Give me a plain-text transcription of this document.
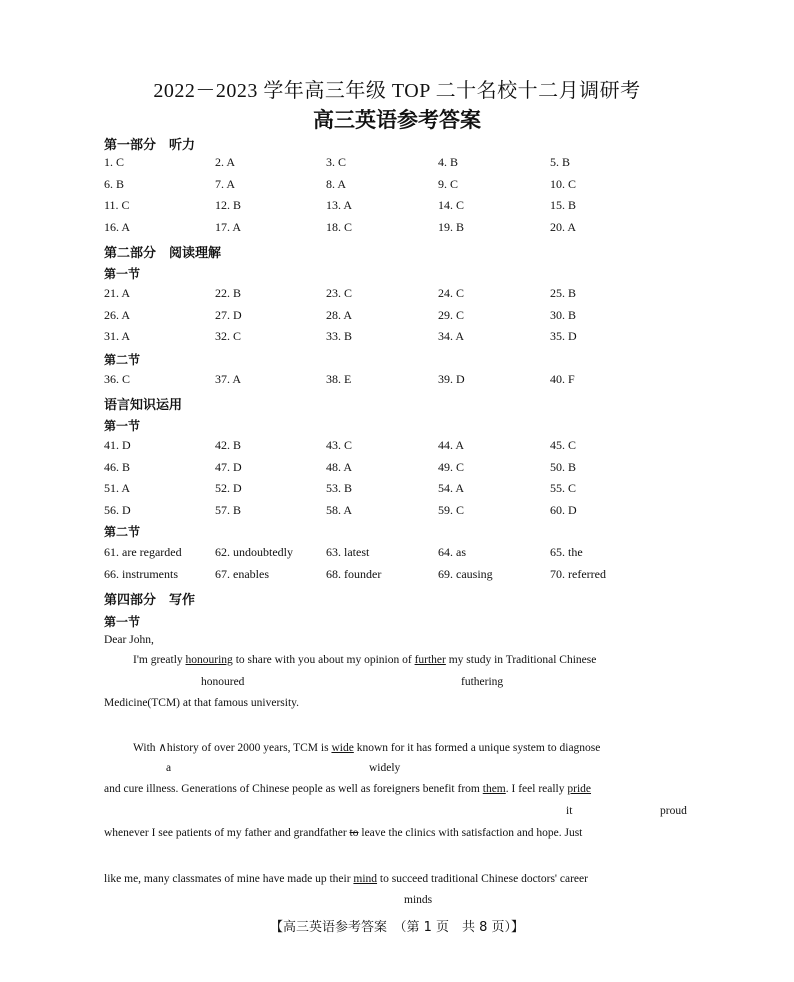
2022－2023 学年高三年级 TOP 二十名校十二月调研考
高三英语参考答案
第一部分　听力
1. C	2. A	3. C	4. B	5. B
6. B	7. A	8. A	9. C	10. C
11. C	12. B	13. A	14. C	15. B
16. A	17. A	18. C	19. B	20. A
第二部分　阅读理解
第一节
21. A	22. B	23. C	24. C	25. B
26. A	27. D	28. A	29. C	30. B
31. A	32. C	33. B	34. A	35. D
第二节
36. C	37. A	38. E	39. D	40. F
语言知识运用
第一节
41. D	42. B	43. C	44. A	45. C
46. B	47. D	48. A	49. C	50. B
51. A	52. D	53. B	54. A	55. C
56. D	57. B	58. A	59. C	60. D
第二节
61. are regarded	62. undoubtedly	63. latest	64. as	65. the
66. instruments	67. enables	68. founder	69. causing	70. referred
第四部分　写作
第一节
Dear John,
I'm greatly honouring to share with you about my opinion of further my study in Traditional Chinese
honoured	futhering
Medicine(TCM) at that famous university.
With ∧history of over 2000 years, TCM is wide known for it has formed a unique system to diagnose
a	widely
and cure illness. Generations of Chinese people as well as foreigners benefit from them. I feel really pride
it	proud
whenever I see patients of my father and grandfather to leave the clinics with satisfaction and hope. Just
like me, many classmates of mine have made up their mind to succeed traditional Chinese doctors' career
minds
【高三英语参考答案　（第 1 页　共 8 页）】
